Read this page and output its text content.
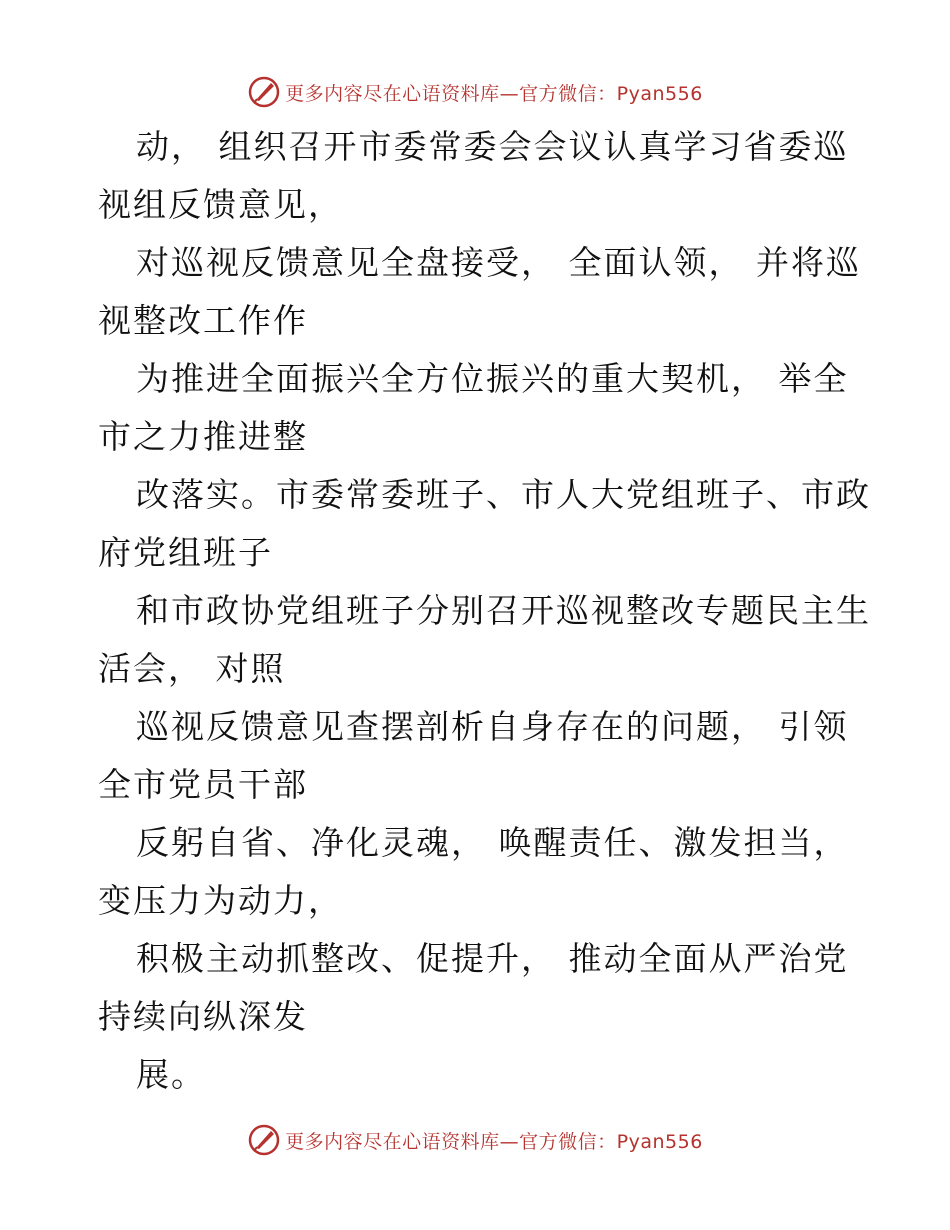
更多内容尽在心语资料库—官方微信：Pyan556

动， 组织召开市委常委会会议认真学习省委巡

视组反馈意见，

对巡视反馈意见全盘接受， 全面认领， 并将巡

视整改工作作

为推进全面振兴全方位振兴的重大契机， 举全

市之力推进整

改落实。市委常委班子、市人大党组班子、市政

府党组班子

和市政协党组班子分别召开巡视整改专题民主生

活会， 对照

巡视反馈意见查摆剖析自身存在的问题， 引领

全市党员干部

反躬自省、净化灵魂， 唤醒责任、激发担当，

变压力为动力，

积极主动抓整改、促提升， 推动全面从严治党

持续向纵深发

展。

更多内容尽在心语资料库—官方微信：Pyan556
